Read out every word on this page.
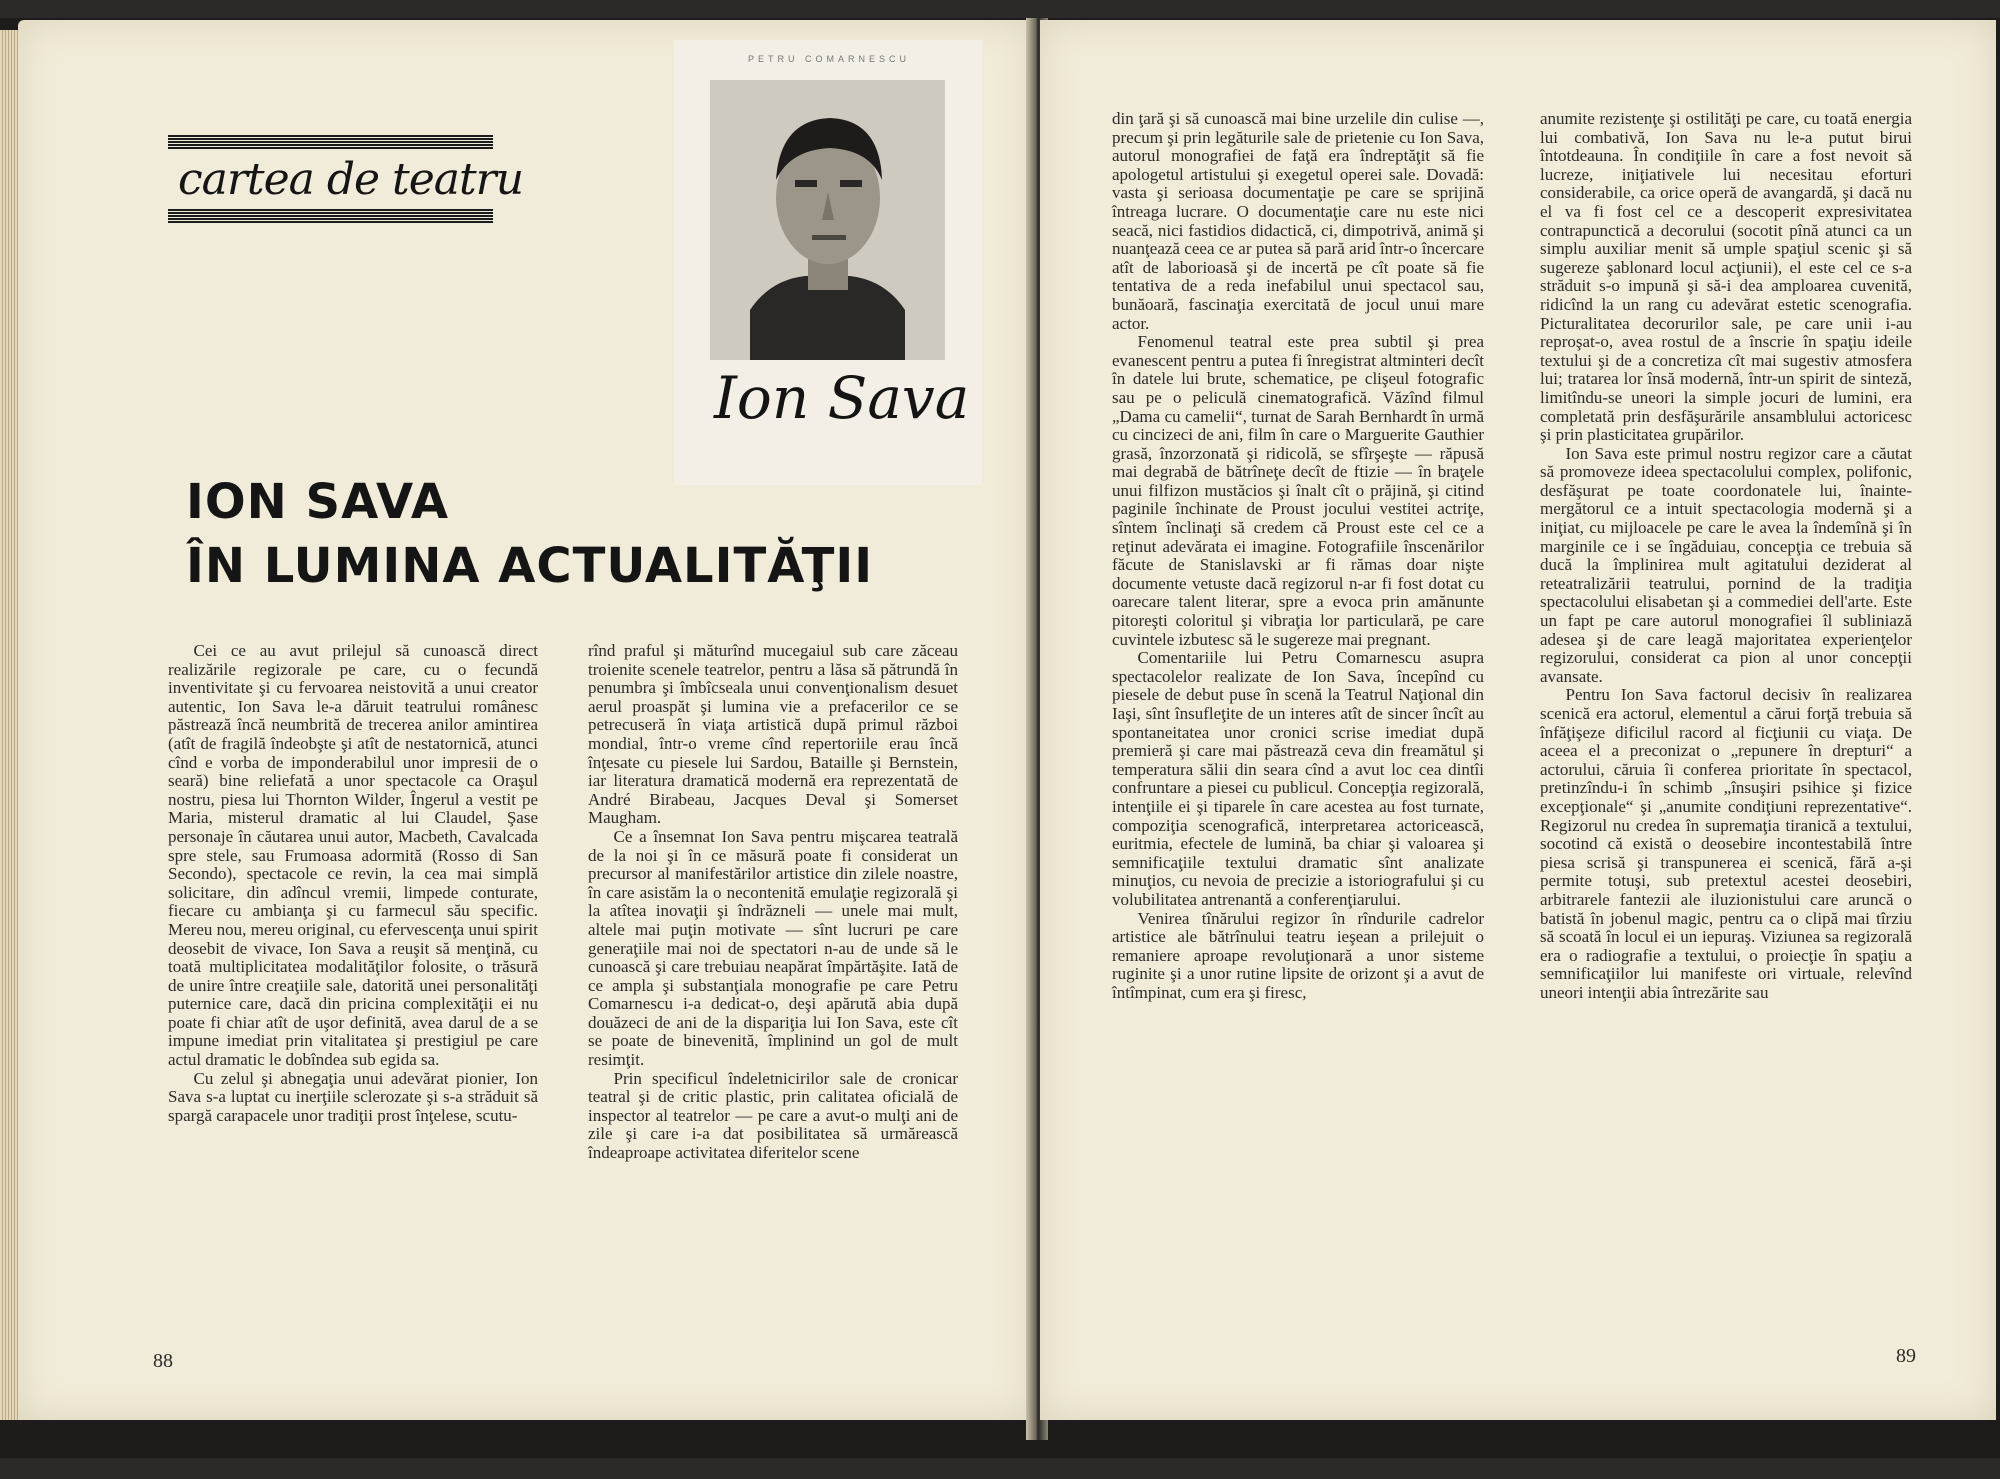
cartea de teatru
PETRU COMARNESCU
Ion Sava
ION SAVA
ÎN LUMINA ACTUALITĂŢII

Cei ce au avut prilejul să cunoască direct realizările regizorale pe care, cu o fecundă inventivitate şi cu fervoarea neistovită a unui creator autentic, Ion Sava le-a dăruit teatrului românesc păstrează încă neumbrită de trecerea anilor amintirea (atît de fragilă îndeobşte şi atît de nestatornică, atunci cînd e vorba de imponderabilul unor impresii de o seară) bine reliefată a unor spectacole ca Oraşul nostru, piesa lui Thornton Wilder, Îngerul a vestit pe Maria, misterul dramatic al lui Claudel, Şase personaje în căutarea unui autor, Macbeth, Cavalcada spre stele, sau Frumoasa adormită (Rosso di San Secondo), spectacole ce revin, la cea mai simplă solicitare, din adîncul vremii, limpede conturate, fiecare cu ambianţa şi cu farmecul său specific. Mereu nou, mereu original, cu efervescenţa unui spirit deosebit de vivace, Ion Sava a reuşit să menţină, cu toată multiplicitatea modalităţilor folosite, o trăsură de unire între creaţiile sale, datorită unei personalităţi puternice care, dacă din pricina complexităţii ei nu poate fi chiar atît de uşor definită, avea darul de a se impune imediat prin vitalitatea şi prestigiul pe care actul dramatic le dobîndea sub egida sa.

Cu zelul şi abnegaţia unui adevărat pionier, Ion Sava s-a luptat cu inerţiile sclerozate şi s-a străduit să spargă carapacele unor tradiţii prost înţelese, scutu-

rînd praful şi măturînd mucegaiul sub care zăceau troienite scenele teatrelor, pentru a lăsa să pătrundă în penumbra şi îmbîcseala unui convenţionalism desuet aerul proaspăt şi lumina vie a prefacerilor ce se petrecuseră în viaţa artistică după primul război mondial, într-o vreme cînd repertoriile erau încă înţesate cu piesele lui Sardou, Bataille şi Bernstein, iar literatura dramatică modernă era reprezentată de André Birabeau, Jacques Deval şi Somerset Maugham.

Ce a însemnat Ion Sava pentru mişcarea teatrală de la noi şi în ce măsură poate fi considerat un precursor al manifestărilor artistice din zilele noastre, în care asistăm la o necontenită emulaţie regizorală şi la atîtea inovaţii şi îndrăzneli — unele mai mult, altele mai puţin motivate — sînt lucruri pe care generaţiile mai noi de spectatori n-au de unde să le cunoască şi care trebuiau neapărat împărtăşite. Iată de ce ampla şi substanţiala monografie pe care Petru Comarnescu i-a dedicat-o, deşi apărută abia după douăzeci de ani de la dispariţia lui Ion Sava, este cît se poate de binevenită, împlinind un gol de mult resimţit.

Prin specificul îndeletnicirilor sale de cronicar teatral şi de critic plastic, prin calitatea oficială de inspector al teatrelor — pe care a avut-o mulţi ani de zile şi care i-a dat posibilitatea să urmărească îndeaproape activitatea diferitelor scene

88

din ţară şi să cunoască mai bine urzelile din culise —, precum şi prin legăturile sale de prietenie cu Ion Sava, autorul monografiei de faţă era îndreptăţit să fie apologetul artistului şi exegetul operei sale. Dovadă: vasta şi serioasa documentaţie pe care se sprijină întreaga lucrare. O documentaţie care nu este nici seacă, nici fastidios didactică, ci, dimpotrivă, animă şi nuanţează ceea ce ar putea să pară arid într-o încercare atît de laborioasă şi de incertă pe cît poate să fie tentativa de a reda inefabilul unui spectacol sau, bunăoară, fascinaţia exercitată de jocul unui mare actor.

Fenomenul teatral este prea subtil şi prea evanescent pentru a putea fi înregistrat altminteri decît în datele lui brute, schematice, pe clişeul fotografic sau pe o peliculă cinematografică. Văzînd filmul „Dama cu camelii“, turnat de Sarah Bernhardt în urmă cu cincizeci de ani, film în care o Marguerite Gauthier grasă, înzorzonată şi ridicolă, se sfîrşeşte — răpusă mai degrabă de bătrîneţe decît de ftizie — în braţele unui filfizon mustăcios şi înalt cît o prăjină, şi citind paginile închinate de Proust jocului vestitei actriţe, sîntem înclinaţi să credem că Proust este cel ce a reţinut adevărata ei imagine. Fotografiile înscenărilor făcute de Stanislavski ar fi rămas doar nişte documente vetuste dacă regizorul n-ar fi fost dotat cu oarecare talent literar, spre a evoca prin amănunte pitoreşti coloritul şi vibraţia lor particulară, pe care cuvintele izbutesc să le sugereze mai pregnant.

Comentariile lui Petru Comarnescu asupra spectacolelor realizate de Ion Sava, începînd cu piesele de debut puse în scenă la Teatrul Naţional din Iaşi, sînt însufleţite de un interes atît de sincer încît au spontaneitatea unor cronici scrise imediat după premieră şi care mai păstrează ceva din freamătul şi temperatura sălii din seara cînd a avut loc cea dintîi confruntare a piesei cu publicul. Concepţia regizorală, intenţiile ei şi tiparele în care acestea au fost turnate, compoziţia scenografică, interpretarea actoricească, euritmia, efectele de lumină, ba chiar şi valoarea şi semnificaţiile textului dramatic sînt analizate minuţios, cu nevoia de precizie a istoriografului şi cu volubilitatea antrenantă a conferenţiarului.

Venirea tînărului regizor în rîndurile cadrelor artistice ale bătrînului teatru ieşean a prilejuit o remaniere aproape revoluţionară a unor sisteme ruginite şi a unor rutine lipsite de orizont şi a avut de întîmpinat, cum era şi firesc,

anumite rezistenţe şi ostilităţi pe care, cu toată energia lui combativă, Ion Sava nu le-a putut birui întotdeauna. În condiţiile în care a fost nevoit să lucreze, iniţiativele lui necesitau eforturi considerabile, ca orice operă de avangardă, şi dacă nu el va fi fost cel ce a descoperit expresivitatea contrapunctică a decorului (socotit pînă atunci ca un simplu auxiliar menit să umple spaţiul scenic şi să sugereze şablonard locul acţiunii), el este cel ce s-a străduit s-o impună şi să-i dea amploarea cuvenită, ridicînd la un rang cu adevărat estetic scenografia. Picturalitatea decorurilor sale, pe care unii i-au reproşat-o, avea rostul de a înscrie în spaţiu ideile textului şi de a concretiza cît mai sugestiv atmosfera lui; tratarea lor însă modernă, într-un spirit de sinteză, limitîndu-se uneori la simple jocuri de lumini, era completată prin desfăşurările ansamblului actoricesc şi prin plasticitatea grupărilor.

Ion Sava este primul nostru regizor care a căutat să promoveze ideea spectacolului complex, polifonic, desfăşurat pe toate coordonatele lui, înainte-mergătorul ce a intuit spectacologia modernă şi a iniţiat, cu mijloacele pe care le avea la îndemînă şi în marginile ce i se îngăduiau, concepţia ce trebuia să ducă la împlinirea mult agitatului deziderat al reteatralizării teatrului, pornind de la tradiţia spectacolului elisabetan şi a commediei dell'arte. Este un fapt pe care autorul monografiei îl subliniază adesea şi de care leagă majoritatea experienţelor regizorului, considerat ca pion al unor concepţii avansate.

Pentru Ion Sava factorul decisiv în realizarea scenică era actorul, elementul a cărui forţă trebuia să înfăţişeze dificilul racord al ficţiunii cu viaţa. De aceea el a preconizat o „repunere în drepturi“ a actorului, căruia îi conferea prioritate în spectacol, pretinzîndu-i în schimb „însuşiri psihice şi fizice excepţionale“ şi „anumite condiţiuni reprezentative“. Regizorul nu credea în supremaţia tiranică a textului, socotind că există o deosebire incontestabilă între piesa scrisă şi transpunerea ei scenică, fără a-şi permite totuşi, sub pretextul acestei deosebiri, arbitrarele fantezii ale iluzionistului care aruncă o batistă în jobenul magic, pentru ca o clipă mai tîrziu să scoată în locul ei un iepuraş. Viziunea sa regizorală era o radiografie a textului, o proiecţie în spaţiu a semnificaţiilor lui manifeste ori virtuale, relevînd uneori intenţii abia întrezărite sau

89
